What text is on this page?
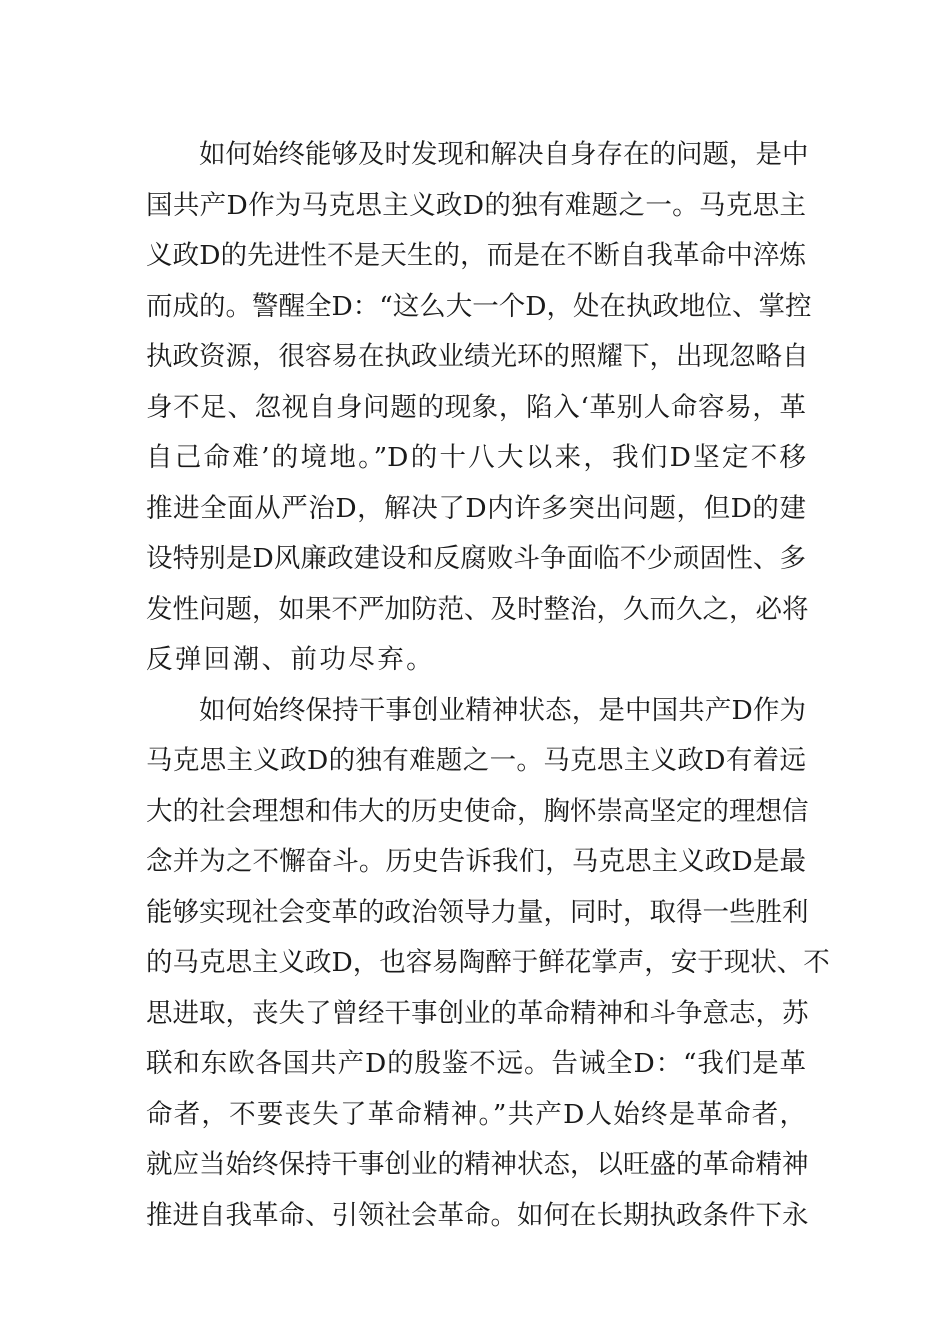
如何始终能够及时发现和解决自身存在的问题，是中
国共产D作为马克思主义政D的独有难题之一。马克思主
义政D的先进性不是天生的，而是在不断自我革命中淬炼
而成的。警醒全D：“这么大一个D，处在执政地位、掌控
执政资源，很容易在执政业绩光环的照耀下，出现忽略自
身不足、忽视自身问题的现象，陷入‘革别人命容易，革
自己命难’的境地。”D的十八大以来，我们D坚定不移
推进全面从严治D，解决了D内许多突出问题，但D的建
设特别是D风廉政建设和反腐败斗争面临不少顽固性、多
发性问题，如果不严加防范、及时整治，久而久之，必将
反弹回潮、前功尽弃。
如何始终保持干事创业精神状态，是中国共产D作为
马克思主义政D的独有难题之一。马克思主义政D有着远
大的社会理想和伟大的历史使命，胸怀崇高坚定的理想信
念并为之不懈奋斗。历史告诉我们，马克思主义政D是最
能够实现社会变革的政治领导力量，同时，取得一些胜利
的马克思主义政D，也容易陶醉于鲜花掌声，安于现状、不
思进取，丧失了曾经干事创业的革命精神和斗争意志，苏
联和东欧各国共产D的殷鉴不远。告诫全D：“我们是革
命者，不要丧失了革命精神。”共产D人始终是革命者，
就应当始终保持干事创业的精神状态，以旺盛的革命精神
推进自我革命、引领社会革命。如何在长期执政条件下永
